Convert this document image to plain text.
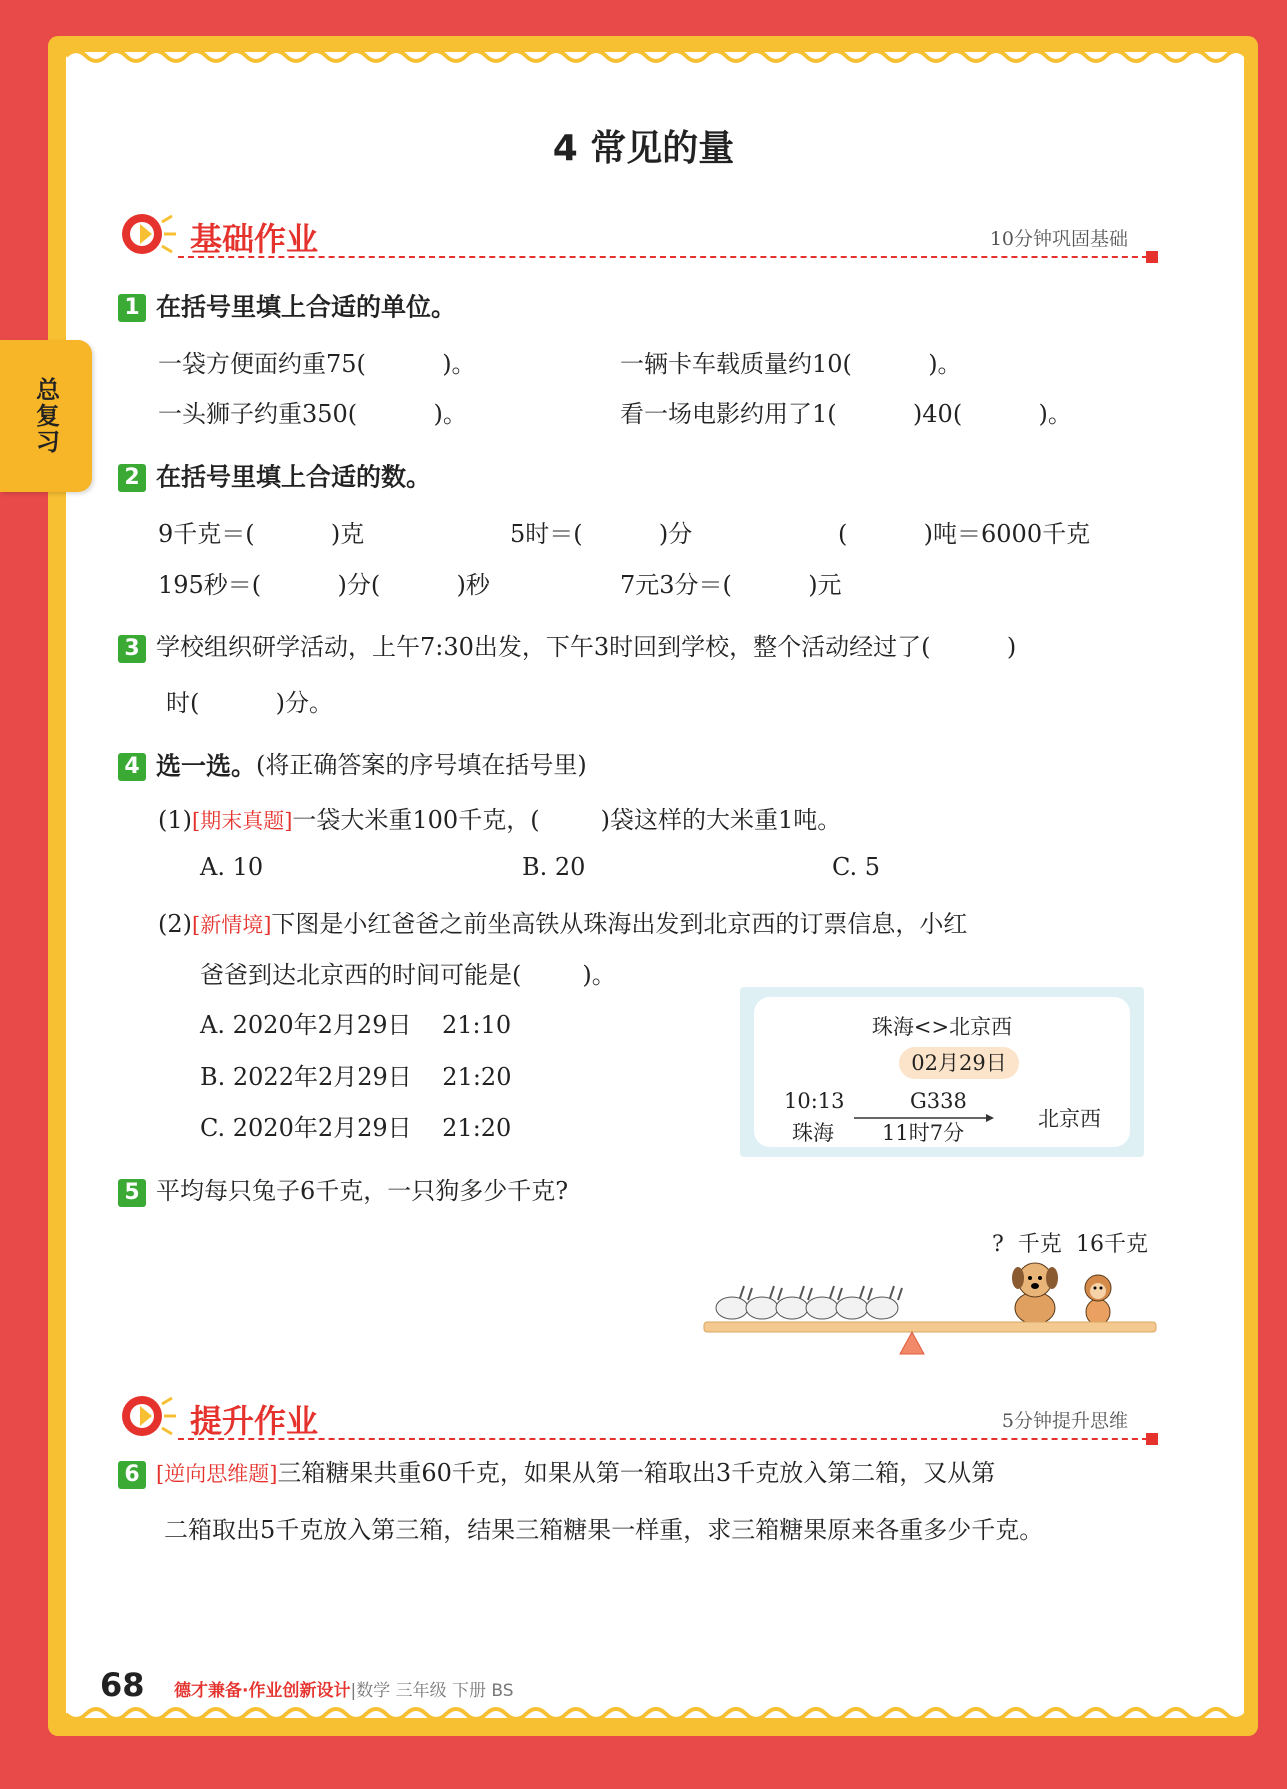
总复习
4 常见的量
基础作业	10分钟巩固基础
1 在括号里填上合适的单位。
一袋方便面约重75(          )。	一辆卡车载质量约10(          )。
一头狮子约重350(          )。	看一场电影约用了1(          )40(          )。
2 在括号里填上合适的数。
9千克＝(          )克	5时＝(          )分	(          )吨＝6000千克
195秒＝(          )分(          )秒	7元3分＝(          )元
3 学校组织研学活动，上午7:30出发，下午3时回到学校，整个活动经过了(          )
时(          )分。
4 选一选。(将正确答案的序号填在括号里)
(1)[期末真题]一袋大米重100千克，(        )袋这样的大米重1吨。
A. 10	B. 20	C. 5
(2)[新情境]下图是小红爸爸之前坐高铁从珠海出发到北京西的订票信息，小红
爸爸到达北京西的时间可能是(        )。
A. 2020年2月29日    21:10
B. 2022年2月29日    21:20
C. 2020年2月29日    21:20
珠海<>北京西
02月29日
10:13
珠海
G338
11时7分
北京西
5 平均每只兔子6千克，一只狗多少千克?
?  千克 16千克
提升作业	5分钟提升思维
6 [逆向思维题]三箱糖果共重60千克，如果从第一箱取出3千克放入第二箱，又从第
二箱取出5千克放入第三箱，结果三箱糖果一样重，求三箱糖果原来各重多少千克。
68 德才兼备·作业创新设计|数学 三年级 下册 BS
